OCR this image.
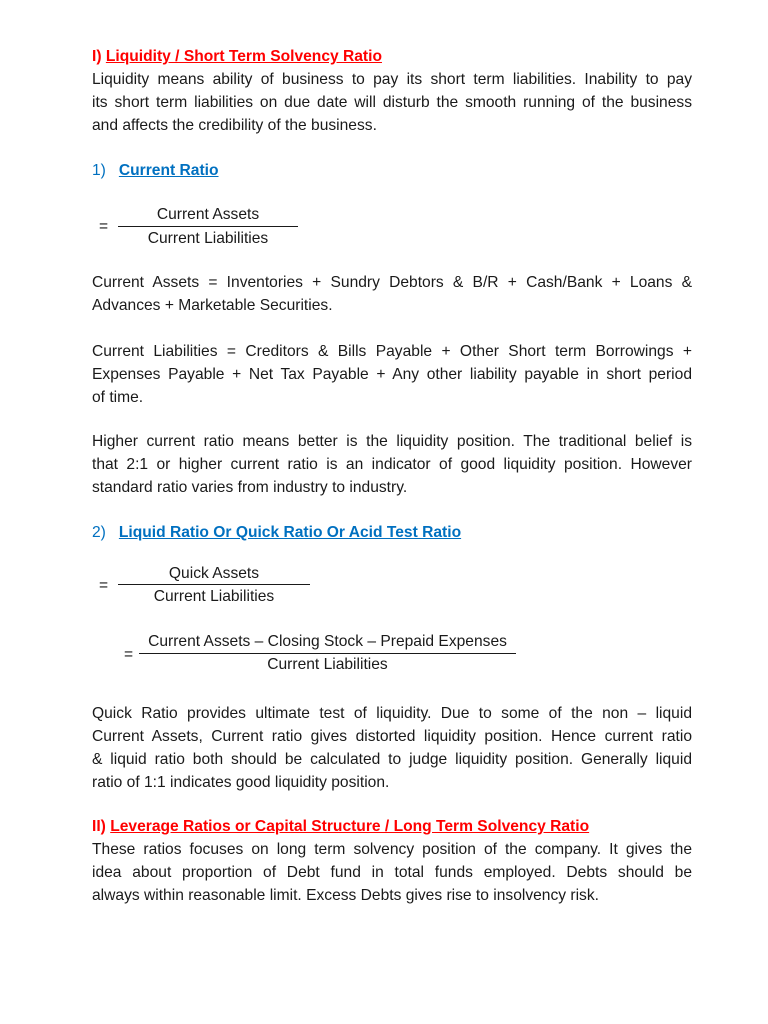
I) Liquidity / Short Term Solvency Ratio
Liquidity means ability of business to pay its short term liabilities. Inability to pay
its short term liabilities on due date will disturb the smooth running of the business
and affects the credibility of the business.
1) Current Ratio
=
Current Assets
Current Liabilities
Current Assets = Inventories + Sundry Debtors & B/R + Cash/Bank + Loans &
Advances + Marketable Securities.
Current Liabilities = Creditors & Bills Payable + Other Short term Borrowings +
Expenses Payable + Net Tax Payable + Any other liability payable in short period
of time.
Higher current ratio means better is the liquidity position. The traditional belief is
that 2:1 or higher current ratio is an indicator of good liquidity position. However
standard ratio varies from industry to industry.
2) Liquid Ratio Or Quick Ratio Or Acid Test Ratio
=
Quick Assets
Current Liabilities
=
Current Assets – Closing Stock – Prepaid Expenses
Current Liabilities
Quick Ratio provides ultimate test of liquidity. Due to some of the non – liquid
Current Assets, Current ratio gives distorted liquidity position. Hence current ratio
& liquid ratio both should be calculated to judge liquidity position. Generally liquid
ratio of 1:1 indicates good liquidity position.
II) Leverage Ratios or Capital Structure / Long Term Solvency Ratio
These ratios focuses on long term solvency position of the company. It gives the
idea about proportion of Debt fund in total funds employed. Debts should be
always within reasonable limit. Excess Debts gives rise to insolvency risk.
